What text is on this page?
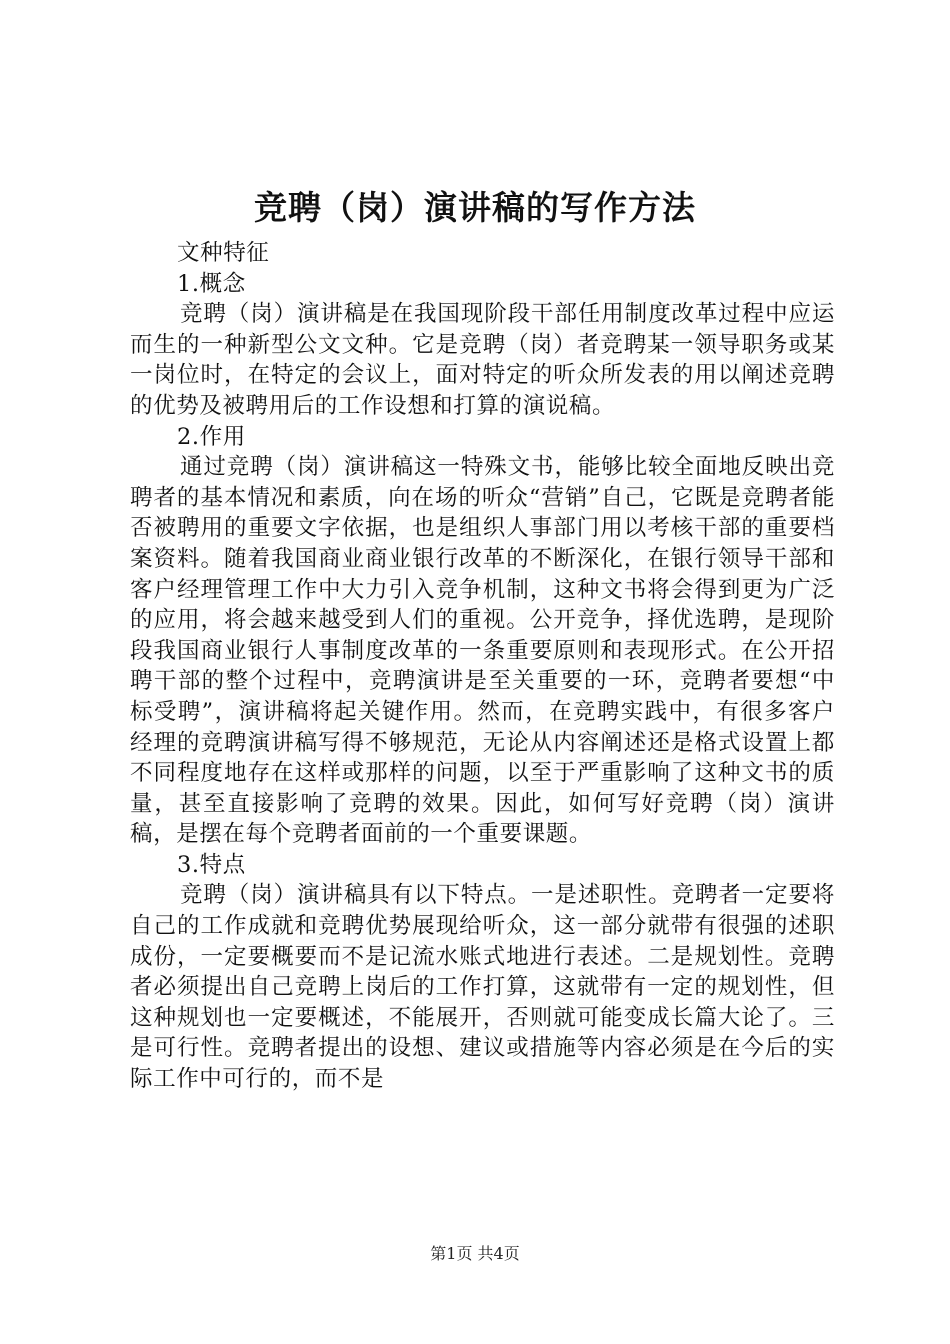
竞聘（岗）演讲稿的写作方法

文种特征

1.概念

竞聘（岗）演讲稿是在我国现阶段干部任用制度改革过程中应运而生的一种新型公文文种。它是竞聘（岗）者竞聘某一领导职务或某一岗位时，在特定的会议上，面对特定的听众所发表的用以阐述竞聘的优势及被聘用后的工作设想和打算的演说稿。

2.作用

通过竞聘（岗）演讲稿这一特殊文书，能够比较全面地反映出竞聘者的基本情况和素质，向在场的听众“营销”自己，它既是竞聘者能否被聘用的重要文字依据，也是组织人事部门用以考核干部的重要档案资料。随着我国商业商业银行改革的不断深化，在银行领导干部和客户经理管理工作中大力引入竞争机制，这种文书将会得到更为广泛的应用，将会越来越受到人们的重视。公开竞争，择优选聘，是现阶段我国商业银行人事制度改革的一条重要原则和表现形式。在公开招聘干部的整个过程中，竞聘演讲是至关重要的一环，竞聘者要想“中标受聘”，演讲稿将起关键作用。然而，在竞聘实践中，有很多客户经理的竞聘演讲稿写得不够规范，无论从内容阐述还是格式设置上都不同程度地存在这样或那样的问题，以至于严重影响了这种文书的质量，甚至直接影响了竞聘的效果。因此，如何写好竞聘（岗）演讲稿，是摆在每个竞聘者面前的一个重要课题。

3.特点

竞聘（岗）演讲稿具有以下特点。一是述职性。竞聘者一定要将自己的工作成就和竞聘优势展现给听众，这一部分就带有很强的述职成份，一定要概要而不是记流水账式地进行表述。二是规划性。竞聘者必须提出自己竞聘上岗后的工作打算，这就带有一定的规划性，但这种规划也一定要概述，不能展开，否则就可能变成长篇大论了。三是可行性。竞聘者提出的设想、建议或措施等内容必须是在今后的实际工作中可行的，而不是

第1页 共4页
